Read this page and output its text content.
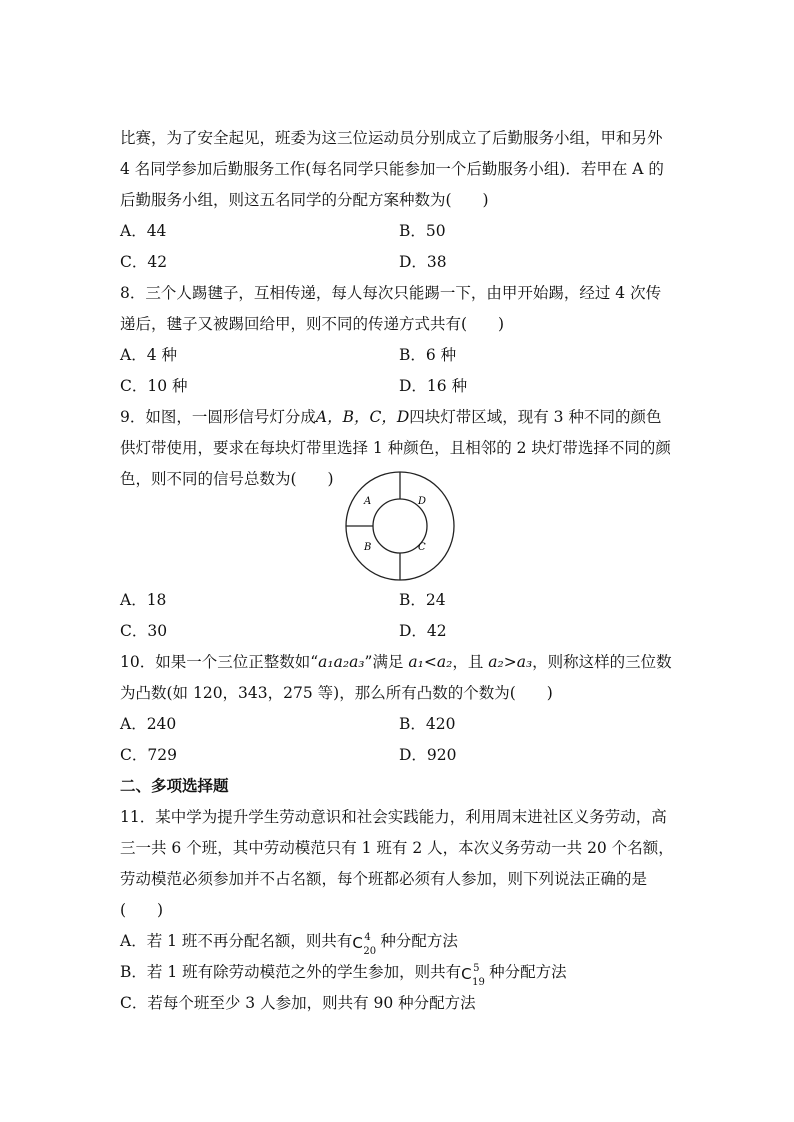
比赛，为了安全起见，班委为这三位运动员分别成立了后勤服务小组，甲和另外
4 名同学参加后勤服务工作(每名同学只能参加一个后勤服务小组)．若甲在 A 的
后勤服务小组，则这五名同学的分配方案种数为(　　)
A．44	B．50
C．42	D．38
8．三个人踢毽子，互相传递，每人每次只能踢一下，由甲开始踢，经过 4 次传
递后，毽子又被踢回给甲，则不同的传递方式共有(　　)
A．4 种	B．6 种
C．10 种	D．16 种
9．如图，一圆形信号灯分成A，B，C，D四块灯带区域，现有 3 种不同的颜色
供灯带使用，要求在每块灯带里选择 1 种颜色，且相邻的 2 块灯带选择不同的颜
色，则不同的信号总数为(　　)
A	D
B	C
A．18	B．24
C．30	D．42
10．如果一个三位正整数如“a₁a₂a₃”满足 a₁<a₂，且 a₂>a₃，则称这样的三位数
为凸数(如 120，343，275 等)，那么所有凸数的个数为(　　)
A．240	B．420
C．729	D．920
二、多项选择题
11．某中学为提升学生劳动意识和社会实践能力，利用周末进社区义务劳动，高
三一共 6 个班，其中劳动模范只有 1 班有 2 人，本次义务劳动一共 20 个名额，
劳动模范必须参加并不占名额，每个班都必须有人参加，则下列说法正确的是
(　　)
A．若 1 班不再分配名额，则共有 C 4
20
种分配方法
B．若 1 班有除劳动模范之外的学生参加，则共有 C 5
19
种分配方法
C．若每个班至少 3 人参加，则共有 90 种分配方法
